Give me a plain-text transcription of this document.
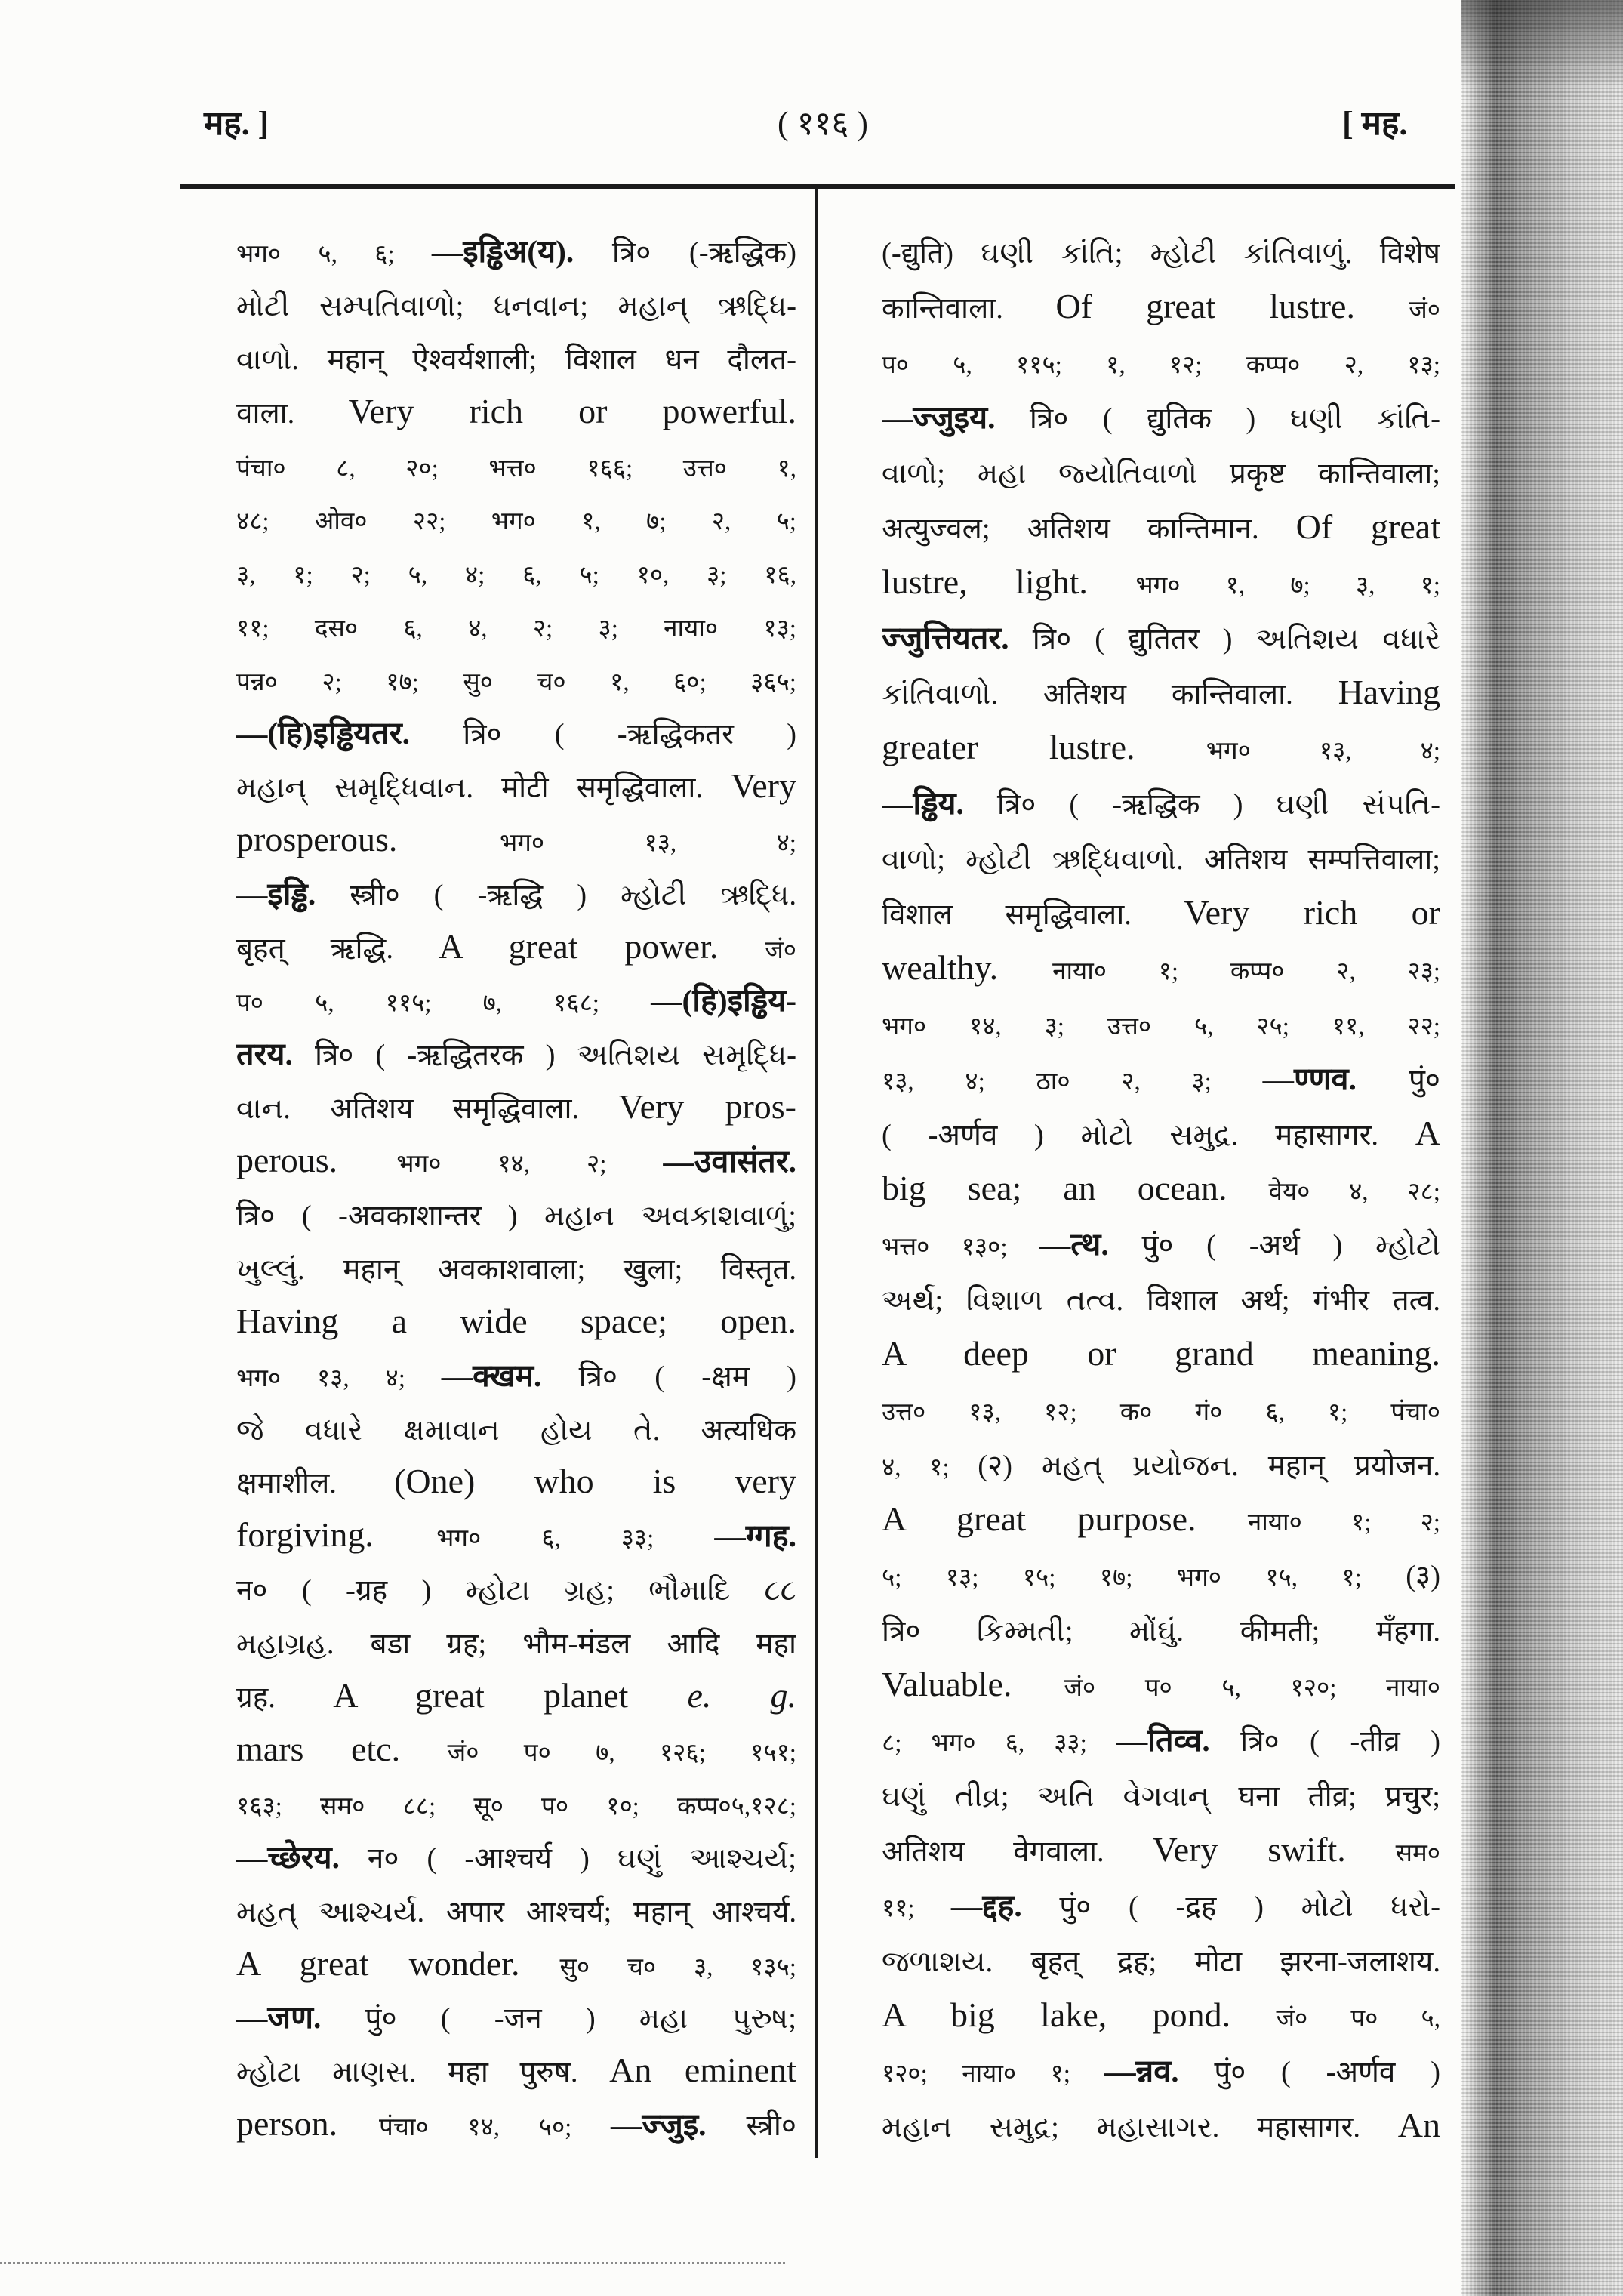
मह. ]	( ११६ )	[ मह.
भग० ५, ६; —इड्ढिअ(य). त्रि० (-ऋद्धिक)
મોટી સમ્પતિવાળો; ધનવાન; મહાન્ ઋદ્ધિ-
વાળો. महान् ऐश्वर्यशाली; विशाल धन दौलत-
वाला. Very rich or powerful.
पंचा० ८, २०; भत्त० १६६; उत्त० १,
४८; ओव० २२; भग० १, ७; २, ५;
३, १; २; ५, ४; ६, ५; १०, ३; १६,
११; दस० ६, ४, २; ३; नाया० १३;
पन्न० २; १७; सु० च० १, ६०; ३६५;
—(हि)इड्ढियतर. त्रि० ( -ऋद्धिकतर )
મહાન્ સમૃદ્ધિવાન. मोटी समृद्धिवाला. Very
prosperous. भग० १३, ४;
—इड्ढि. स्त्री० ( -ऋद्धि ) મ્હોટી ઋદ્ધિ.
बृहत् ऋद्धि. A great power. जं०
प० ५, ११५; ७, १६८; —(हि)इड्ढिय-
तरय. त्रि० ( -ऋद्धितरक ) અતિશય સમૃદ્ધિ-
વાન. अतिशय समृद्धिवाला. Very pros-
perous. भग० १४, २; —उवासंतर.
त्रि० ( -अवकाशान्तर ) મહાન અવકાશવાળું;
ખુલ્લું. महान् अवकाशवाला; खुला; विस्तृत.
Having a wide space; open.
भग० १३, ४; —क्खम. त्रि० ( -क्षम )
જે વધારે ક્ષમાવાન હોય તે. अत्यधिक
क्षमाशील. (One) who is very
forgiving. भग० ६, ३३; —ग्गह.
न० ( -ग्रह ) મ્હોટા ગ્રહ; ભૌમાદિ ૮૮
મહાગ્રહ. बडा ग्रह; भौम-मंडल आदि महा
ग्रह. A great planet e. g.
mars etc. जं० प० ७, १२६; १५१;
१६३; सम० ८८; सू० प० १०; कप्प०५,१२८;
—च्छेरय. न० ( -आश्चर्य ) ઘણું આશ્ચર્ય;
મહત્ આશ્ચર્ય. अपार आश्चर्य; महान् आश्चर्य.
A great wonder. सु० च० ३, १३५;
—जण. पुं० ( -जन ) મહા પુરુષ;
મ્હોટા માણસ. महा पुरुष. An eminent
person. पंचा० १४, ५०; —ज्जुइ. स्त्री०
(-द्युति) ઘણી કાંતિ; મ્હોટી કાંતિવાળું. विशेष
कान्तिवाला. Of great lustre. जं०
प० ५, ११५; १, १२; कप्प० २, १३;
—ज्जुइय. त्रि० ( द्युतिक ) ઘણી કાંતિ-
વાળો; મહા જ્યોતિવાળો प्रकृष्ट कान्तिवाला;
अत्युज्वल; अतिशय कान्तिमान. Of great
lustre, light. भग० १, ७; ३, १;
ज्जुत्तियतर. त्रि० ( द्युतितर ) અતિશય વધારે
કાંતિવાળો. अतिशय कान्तिवाला. Having
greater lustre. भग० १३, ४;
—ड्ढिय. त्रि० ( -ऋद्धिक ) ઘણી સંપતિ-
વાળો; મ્હોટી ઋદ્ધિવાળો. अतिशय सम्पत्तिवाला;
विशाल समृद्धिवाला. Very rich or
wealthy. नाया० १; कप्प० २, २३;
भग० १४, ३; उत्त० ५, २५; ११, २२;
१३, ४; ठा० २, ३; —ण्णव. पुं०
( -अर्णव ) મોટો સમુદ્ર. महासागर. A
big sea; an ocean. वेय० ४, २८;
भत्त० १३०; —त्थ. पुं० ( -अर्थ ) મ્હોટો
અર્થ; વિશાળ તત્વ. विशाल अर्थ; गंभीर तत्व.
A deep or grand meaning.
उत्त० १३, १२; क० गं० ६, १; पंचा०
४, १; (२) મહત્ પ્રયોજન. महान् प्रयोजन.
A great purpose. नाया० १; २;
५; १३; १५; १७; भग० १५, १; (३)
त्रि० કિમ્મતી; મોંઘું. कीमती; मँहगा.
Valuable. जं० प० ५, १२०; नाया०
८; भग० ६, ३३; —तिव्व. त्रि० ( -तीव्र )
ઘણું તીવ્ર; અતિ વેગવાન્ घना तीव्र; प्रचुर;
अतिशय वेगवाला. Very swift. सम०
११; —द्दह. पुं० ( -द्रह ) મોટો ધરો-
જળાશય. बृहत् द्रह; मोटा झरना-जलाशय.
A big lake, pond. जं० प० ५,
१२०; नाया० १; —न्नव. पुं० ( -अर्णव )
મહાન સમુદ્ર; મહાસાગર. महासागर. An
